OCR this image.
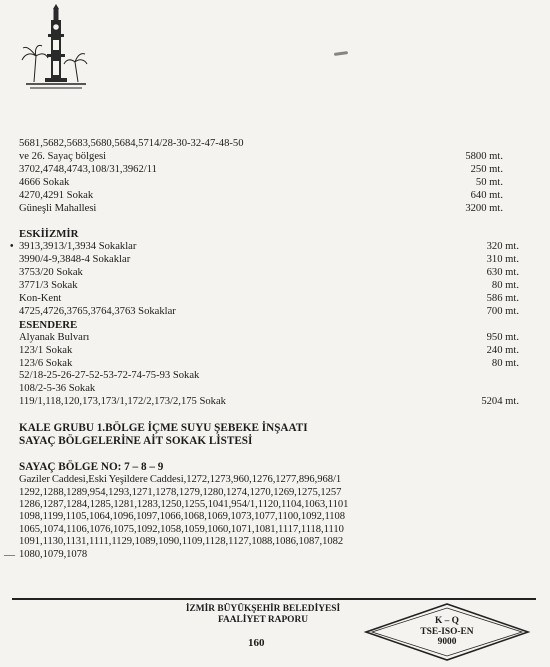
•
—
5681,5682,5683,5680,5684,5714/28-30-32-47-48-50
ve 26. Sayaç bölgesi	5800 mt.
3702,4748,4743,108/31,3962/11	250 mt.
4666 Sokak	50 mt.
4270,4291 Sokak	640 mt.
Güneşli Mahallesi	3200 mt.
ESKİİZMİR
3913,3913/1,3934 Sokaklar	320 mt.
3990/4-9,3848-4 Sokaklar	310 mt.
3753/20 Sokak	630 mt.
3771/3 Sokak	80 mt.
Kon-Kent	586 mt.
4725,4726,3765,3764,3763 Sokaklar	700 mt.
ESENDERE
Alyanak Bulvarı	950 mt.
123/1 Sokak	240 mt.
123/6 Sokak	80 mt.
52/18-25-26-27-52-53-72-74-75-93 Sokak
108/2-5-36 Sokak
119/1,118,120,173,173/1,172/2,173/2,175 Sokak	5204 mt.
KALE GRUBU 1.BÖLGE İÇME SUYU ŞEBEKE İNŞAATI
SAYAÇ BÖLGELERİNE AİT SOKAK LİSTESİ
SAYAÇ BÖLGE NO: 7 – 8 – 9
Gaziler Caddesi,Eski Yeşildere Caddesi,1272,1273,960,1276,1277,896,968/1
1292,1288,1289,954,1293,1271,1278,1279,1280,1274,1270,1269,1275,1257
1286,1287,1284,1285,1281,1283,1250,1255,1041,954/1,1120,1104,1063,1101
1098,1199,1105,1064,1096,1097,1066,1068,1069,1073,1077,1100,1092,1108
1065,1074,1106,1076,1075,1092,1058,1059,1060,1071,1081,1117,1118,1110
1091,1130,1131,1111,1129,1089,1090,1109,1128,1127,1088,1086,1087,1082
1080,1079,1078
İZMİR BÜYÜKŞEHİR BELEDİYESİ
FAALİYET RAPORU
160
K – Q
TSE-ISO-EN
9000
